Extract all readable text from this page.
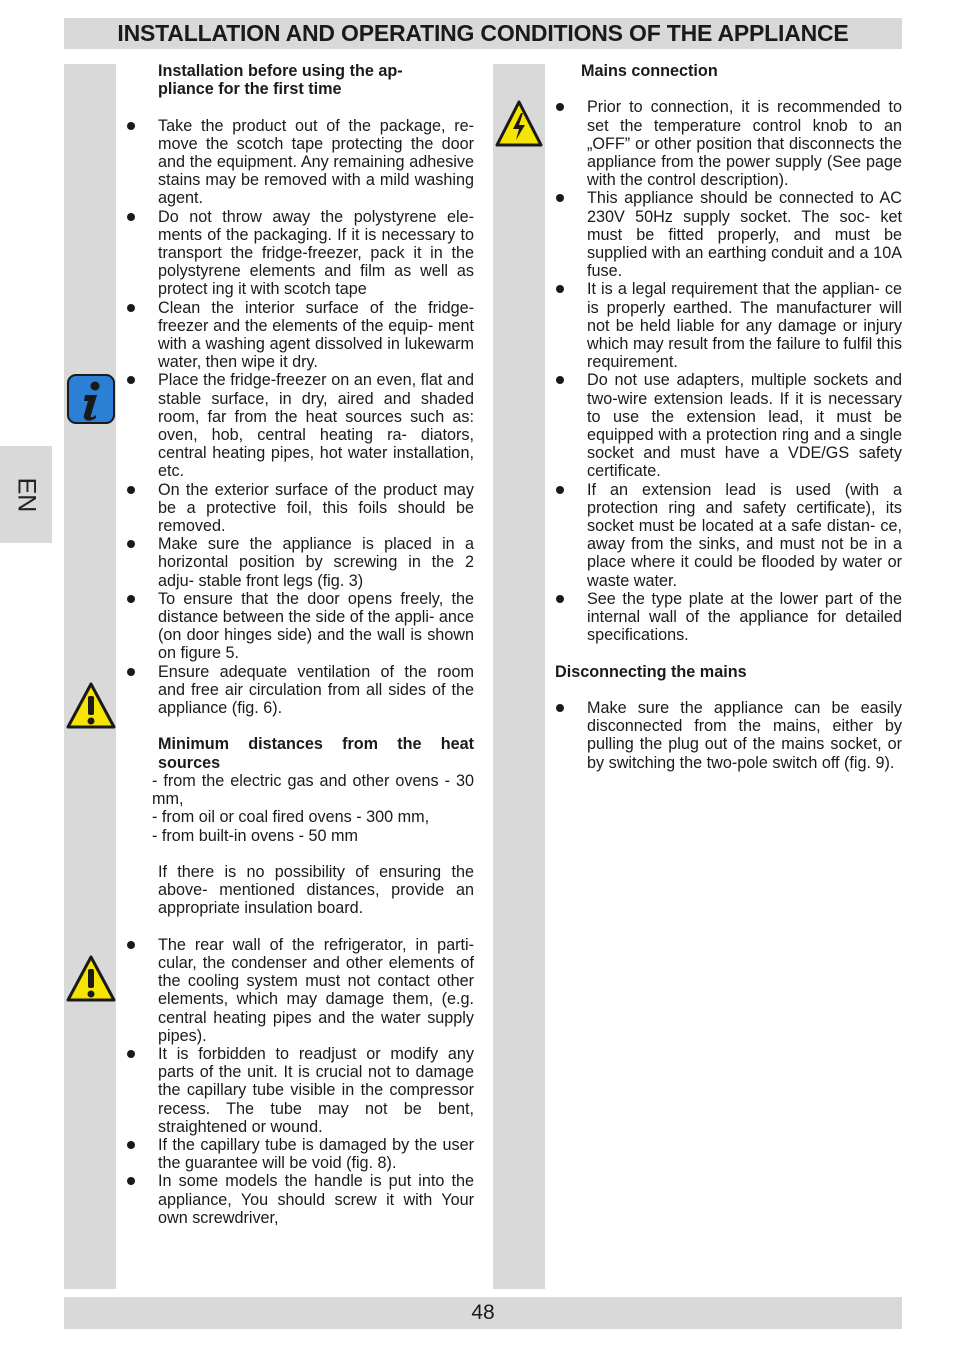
INSTALLATION AND OPERATING CONDITIONS OF THE APPLIANCE
EN

Installation before using the ap- pliance for the first time

Take the product out of the package, re- move the scotch tape protecting the door and the equipment. Any remaining adhesive stains may be removed with a mild washing agent.

Do not throw away the polystyrene ele- ments of the packaging. If it is necessary to transport the fridge-freezer, pack it in the polystyrene elements and film as well as protect ing it with scotch tape

Clean the interior surface of the fridge- freezer and the elements of the equip- ment with a washing agent dissolved in lukewarm water, then wipe it dry.

Place the fridge-freezer on an even, flat and stable surface, in dry, aired and shaded room, far from the heat sources such as: oven, hob, central heating ra- diators, central heating pipes, hot water installation, etc.

On the exterior surface of the product may be a protective foil, this foils should be removed.

Make sure the appliance is placed in a horizontal position by screwing in the 2 adju- stable front legs (fig. 3)

To ensure that the door opens freely, the distance between the side of the appli- ance (on door hinges side) and the wall is shown on figure 5.

Ensure adequate ventilation of the room and free air circulation from all sides of the appliance (fig. 6).

Minimum distances from the heat sources

- from the electric gas and other ovens - 30 mm,

- from oil or coal fired ovens - 300 mm,

- from built-in ovens - 50 mm

If there is no possibility of ensuring the above- mentioned distances, provide an appropriate insulation board.

The rear wall of the refrigerator, in parti- cular, the condenser and other elements of the cooling system must not contact other elements, which may damage them, (e.g. central heating pipes and the water supply pipes).

It is forbidden to readjust or modify any parts of the unit. It is crucial not to damage the capillary tube visible in the compressor recess. The tube may not be bent, straightened or wound.

If the capillary tube is damaged by the user the guarantee will be void (fig. 8).

In some models the handle is put into the appliance, You should screw it with Your own screwdriver,

Mains connection

Prior to connection, it is recommended to set the temperature control knob to an „OFF” or other position that disconnects the appliance from the power supply (See page with the control description).

This appliance should be connected to AC 230V 50Hz supply socket. The soc- ket must be fitted properly, and must be supplied with an earthing conduit and a 10A fuse.

It is a legal requirement that the applian- ce is properly earthed. The manufacturer will not be held liable for any damage or injury which may result from the failure to fulfil this requirement.

Do not use adapters, multiple sockets and two-wire extension leads. If it is necessary to use the extension lead, it must be equipped with a protection ring and a single socket and must have a VDE/GS safety certificate.

If an extension lead is used (with a protection ring and safety certificate), its socket must be located at a safe distan- ce, away from the sinks, and must not be in a place where it could be flooded by water or waste water.

See the type plate at the lower part of the internal wall of the appliance for detailed specifications.

Disconnecting the mains

Make sure the appliance can be easily disconnected from the mains, either by pulling the plug out of the mains socket, or by switching the two-pole switch off (fig. 9).

48
